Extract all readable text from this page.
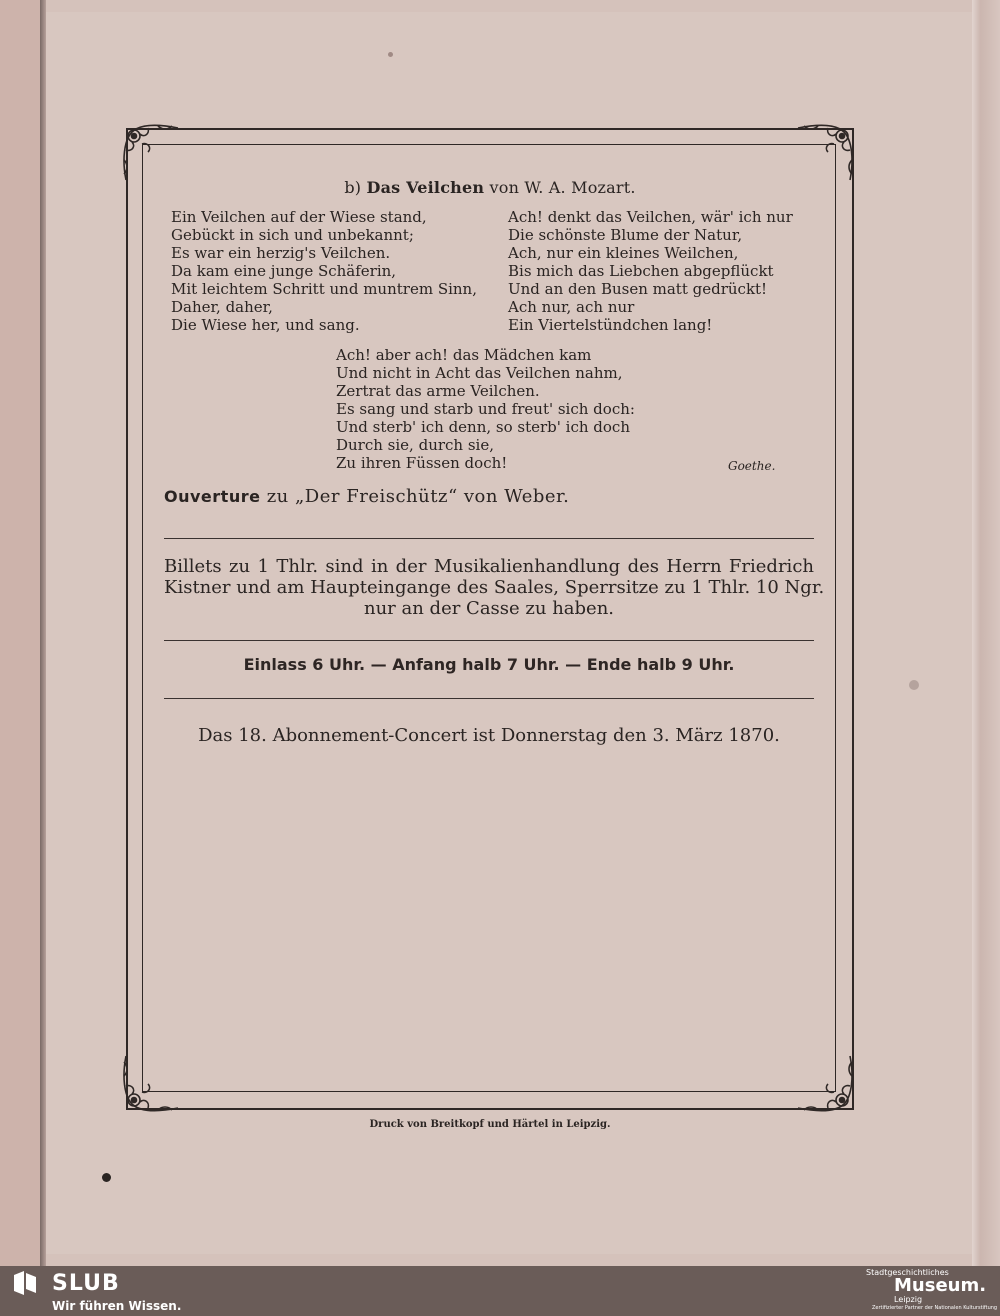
b) Das Veilchen von W. A. Mozart.
Ein Veilchen auf der Wiese stand,
Gebückt in sich und unbekannt;
Es war ein herzig's Veilchen.
Da kam eine junge Schäferin,
Mit leichtem Schritt und muntrem Sinn,
Daher, daher,
Die Wiese her, und sang.
Ach! denkt das Veilchen, wär' ich nur
Die schönste Blume der Natur,
Ach, nur ein kleines Weilchen,
Bis mich das Liebchen abgepflückt
Und an den Busen matt gedrückt!
Ach nur, ach nur
Ein Viertelstündchen lang!
Ach! aber ach! das Mädchen kam
Und nicht in Acht das Veilchen nahm,
Zertrat das arme Veilchen.
Es sang und starb und freut' sich doch:
Und sterb' ich denn, so sterb' ich doch
Durch sie, durch sie,
Zu ihren Füssen doch!	Goethe.
Ouverture zu „Der Freischütz“ von Weber.
Billets zu 1 Thlr. sind in der Musikalienhandlung des Herrn Friedrich
Kistner und am Haupteingange des Saales, Sperrsitze zu 1 Thlr. 10 Ngr.
nur an der Casse zu haben.
Einlass 6 Uhr. — Anfang halb 7 Uhr. — Ende halb 9 Uhr.
Das 18. Abonnement-Concert ist Donnerstag den 3. März 1870.
Druck von Breitkopf und Härtel in Leipzig.
SLUB
Wir führen Wissen.
Stadtgeschichtliches
Museum.
Leipzig
Zertifizierter Partner der Nationalen Kulturstiftung
